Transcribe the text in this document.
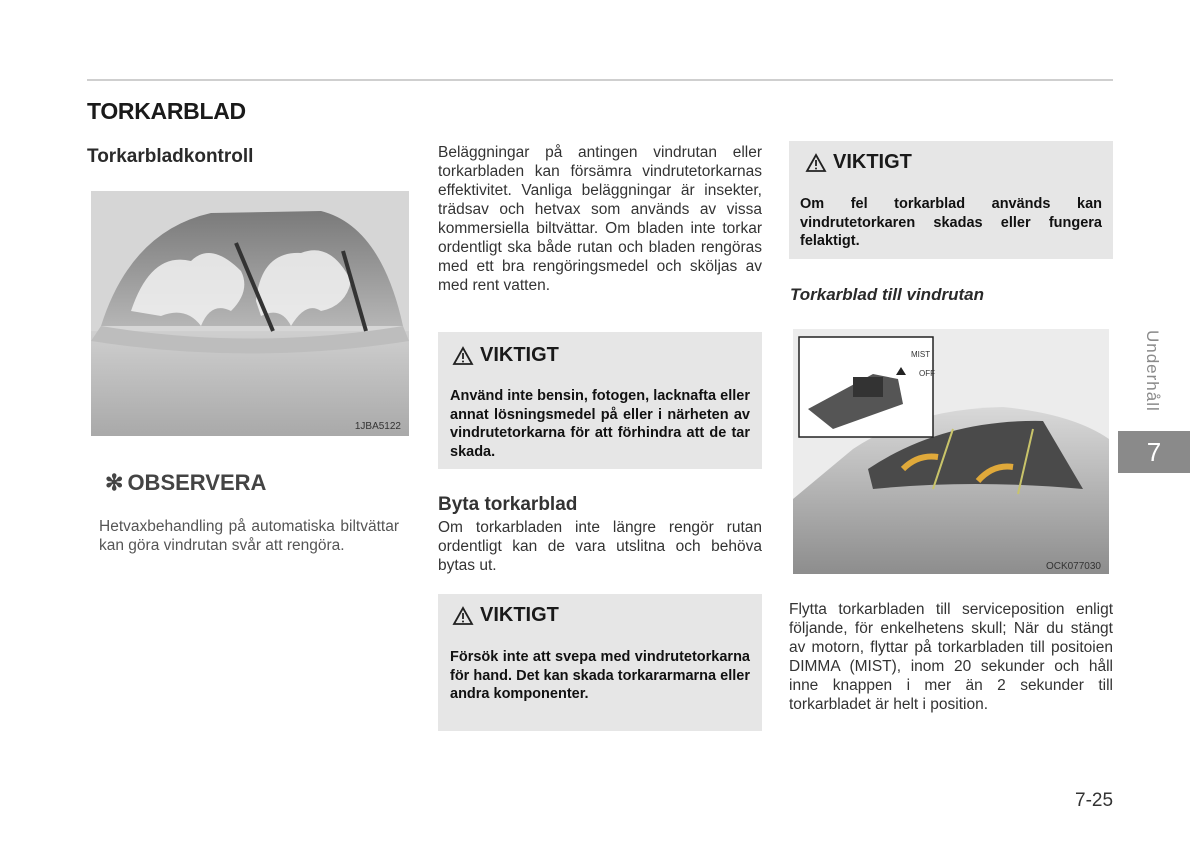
TORKARBLAD
Torkarbladkontroll
1JBA5122
✻ OBSERVERA
Hetvaxbehandling på automatiska biltvättar kan göra vindrutan svår att rengöra.
Beläggningar på antingen vindrutan eller torkarbladen kan försämra vindrutetorkarnas effektivitet. Vanliga beläggningar är insekter, trädsav och hetvax som används av vissa kommersiella biltvättar. Om bladen inte torkar ordentligt ska både rutan och bladen rengöras med ett bra rengöringsmedel och sköljas av med rent vatten.
VIKTIGT
Använd inte bensin, fotogen, lacknafta eller annat lösningsmedel på eller i närheten av vindrutetorkarna för att förhindra att de tar skada.
Byta torkarblad
Om torkarbladen inte längre rengör rutan ordentligt kan de vara utslitna och behöva bytas ut.
VIKTIGT
Försök inte att svepa med vindrutetorkarna för hand. Det kan skada torkararmarna eller andra komponenter.
VIKTIGT
Om fel torkarblad används kan vindrutetorkaren skadas eller fungera felaktigt.
Torkarblad till vindrutan
MIST
OFF
OCK077030
Flytta torkarbladen till serviceposition enligt följande, för enkelhetens skull; När du stängt av motorn, flyttar på torkarbladen till positoien DIMMA (MIST), inom 20 sekunder och håll inne knappen i mer än 2 sekunder till torkarbladet är helt i position.
Underhåll
7
7-25
